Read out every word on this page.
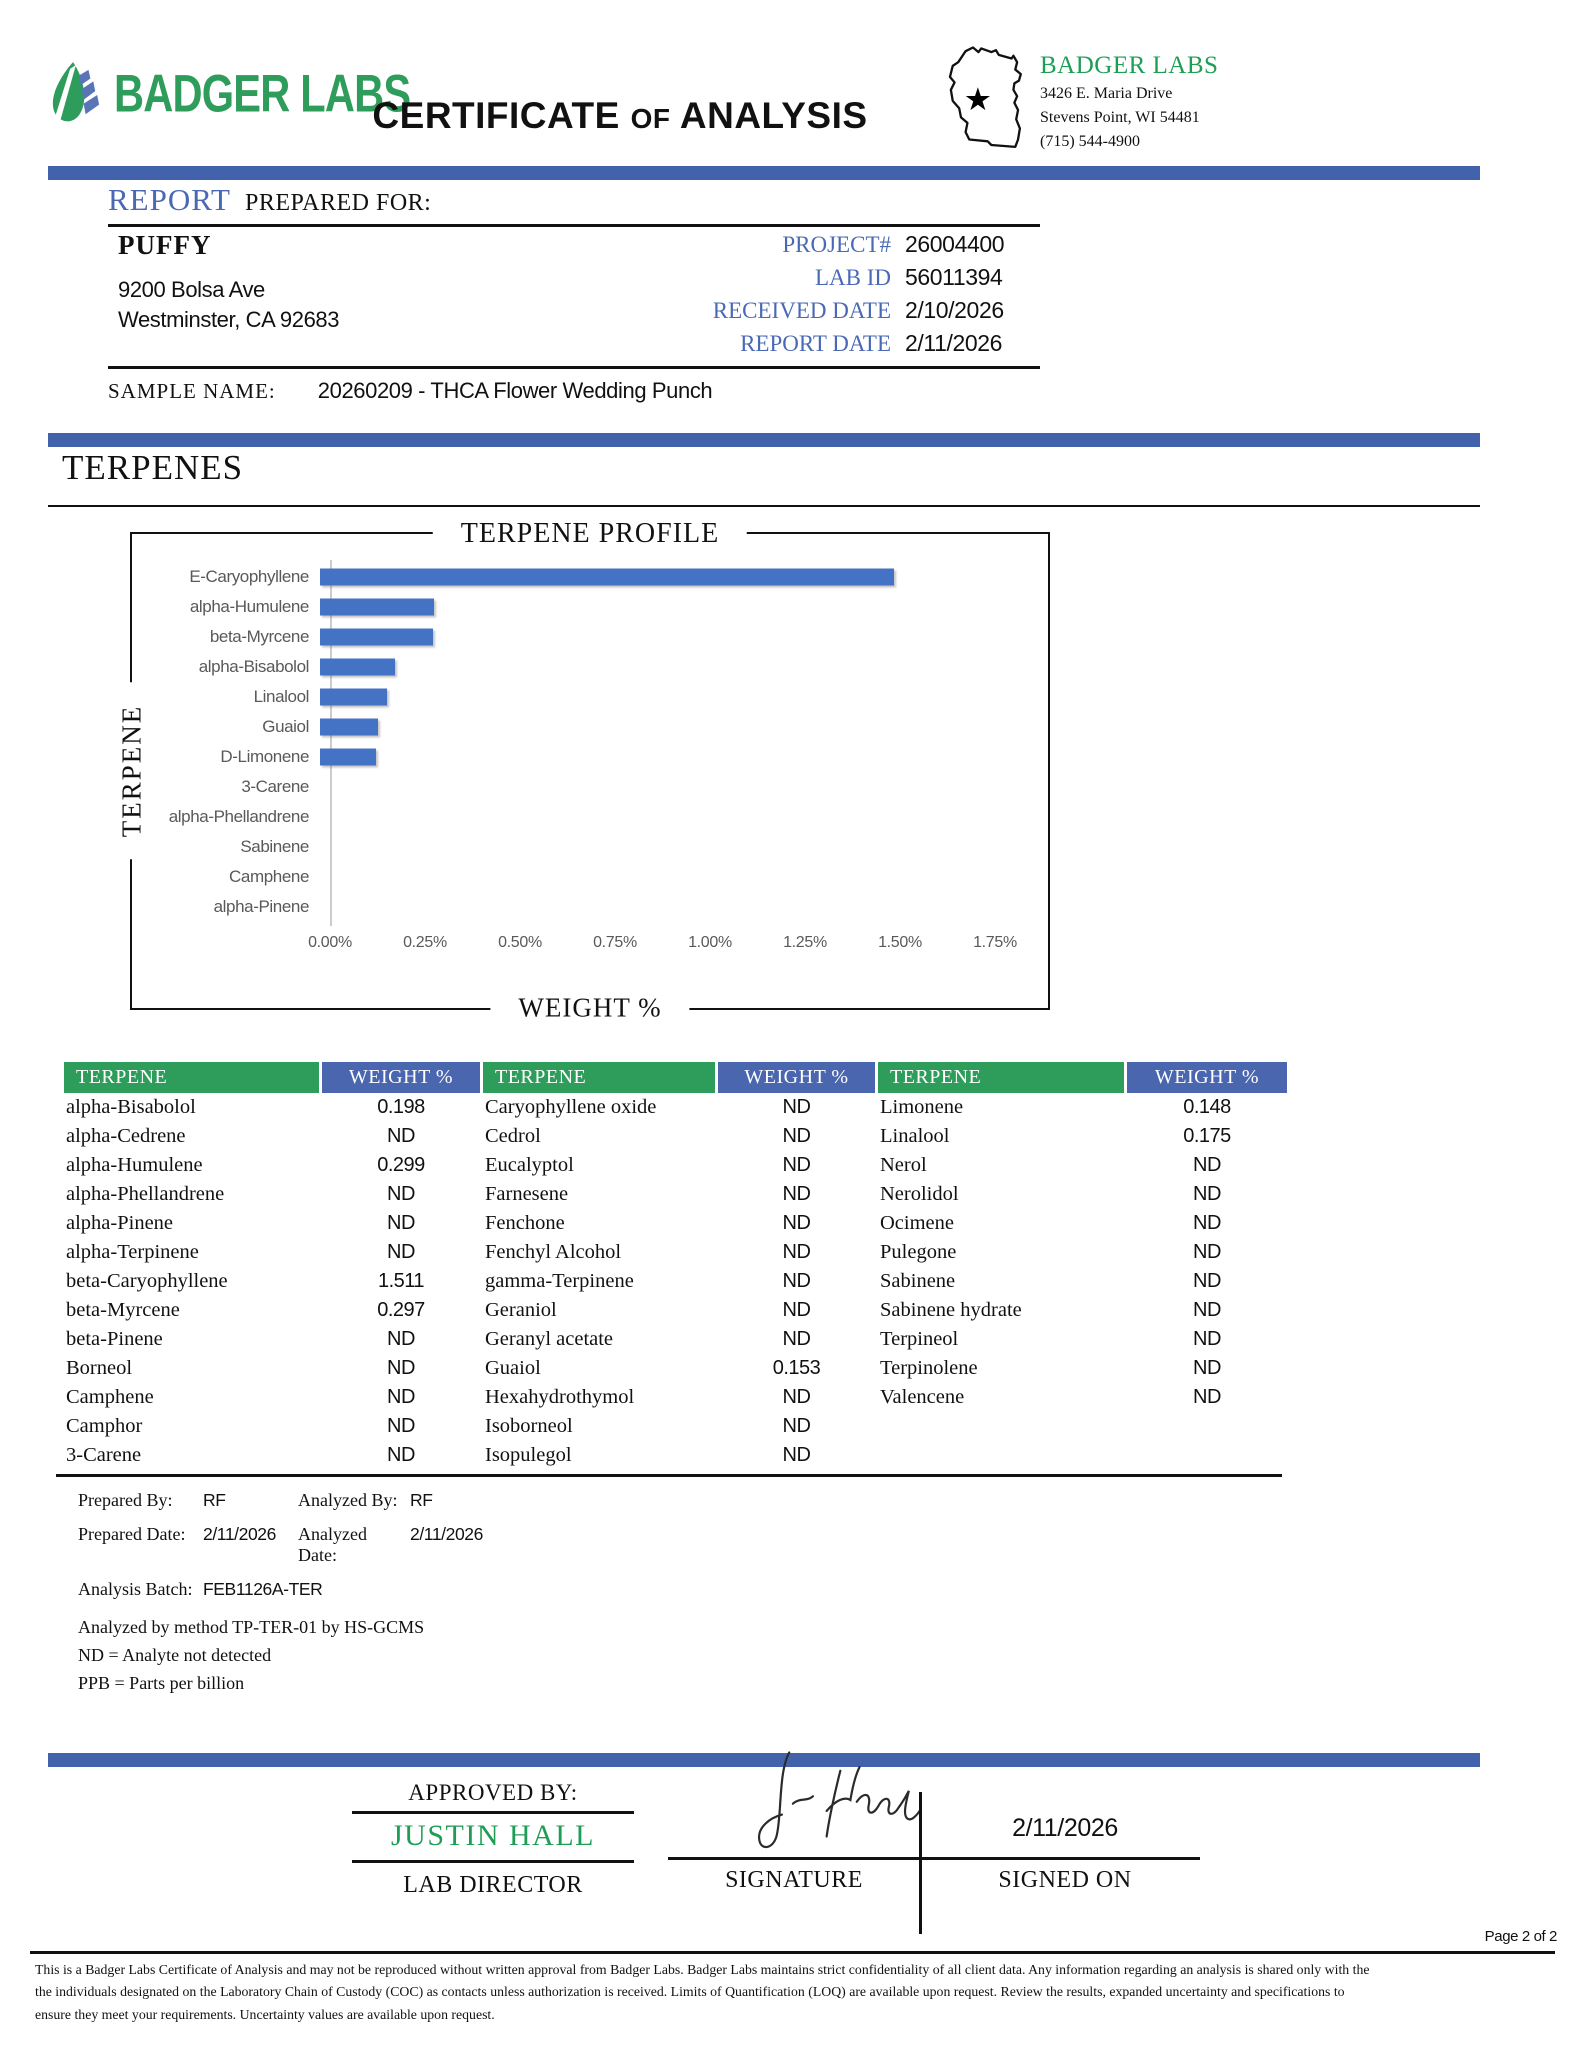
BADGER LABS
CERTIFICATE OF ANALYSIS	★
BADGER LABS
3426 E. Maria Drive
Stevens Point, WI 54481
(715) 544-4900
REPORT PREPARED FOR:
PUFFY
9200 Bolsa Ave
Westminster, CA 92683
PROJECT# 26004400
LAB ID 56011394
RECEIVED DATE 2/10/2026
REPORT DATE 2/11/2026
SAMPLE NAME: 20260209 - THCA Flower Wedding Punch
TERPENES
TERPENE PROFILE
TERPENE
WEIGHT %
E-Caryophyllene
alpha-Humulene
beta-Myrcene
alpha-Bisabolol
Linalool
Guaiol
D-Limonene
3-Carene
alpha-Phellandrene
Sabinene
Camphene
alpha-Pinene
0.00%	0.25%	0.50%	0.75%	1.00%	1.25%	1.50%	1.75%
TERPENE	WEIGHT %	TERPENE	WEIGHT %	TERPENE	WEIGHT %
alpha-Bisabolol	0.198	Caryophyllene oxide	ND	Limonene	0.148
alpha-Cedrene	ND	Cedrol	ND	Linalool	0.175
alpha-Humulene	0.299	Eucalyptol	ND	Nerol	ND
alpha-Phellandrene	ND	Farnesene	ND	Nerolidol	ND
alpha-Pinene	ND	Fenchone	ND	Ocimene	ND
alpha-Terpinene	ND	Fenchyl Alcohol	ND	Pulegone	ND
beta-Caryophyllene	1.511	gamma-Terpinene	ND	Sabinene	ND
beta-Myrcene	0.297	Geraniol	ND	Sabinene hydrate	ND
beta-Pinene	ND	Geranyl acetate	ND	Terpineol	ND
Borneol	ND	Guaiol	0.153	Terpinolene	ND
Camphene	ND	Hexahydrothymol	ND	Valencene	ND
Camphor	ND	Isoborneol	ND
3-Carene	ND	Isopulegol	ND
Prepared By:	RF	Analyzed By: RF
Prepared Date:	2/11/2026	Analyzed Date:
2/11/2026
Analysis Batch: FEB1126A-TER
Analyzed by method TP-TER-01 by HS-GCMS
ND = Analyte not detected
PPB = Parts per billion
APPROVED BY:
JUSTIN HALL
LAB DIRECTOR
2/11/2026
SIGNATURE	SIGNED ON
Page 2 of 2
This is a Badger Labs Certificate of Analysis and may not be reproduced without written approval from Badger Labs. Badger Labs maintains strict confidentiality of all client data. Any information regarding an analysis is shared only with the
the individuals designated on the Laboratory Chain of Custody (COC) as contacts unless authorization is received. Limits of Quantification (LOQ) are available upon request. Review the results, expanded uncertainty and specifications to
ensure they meet your requirements. Uncertainty values are available upon request.
